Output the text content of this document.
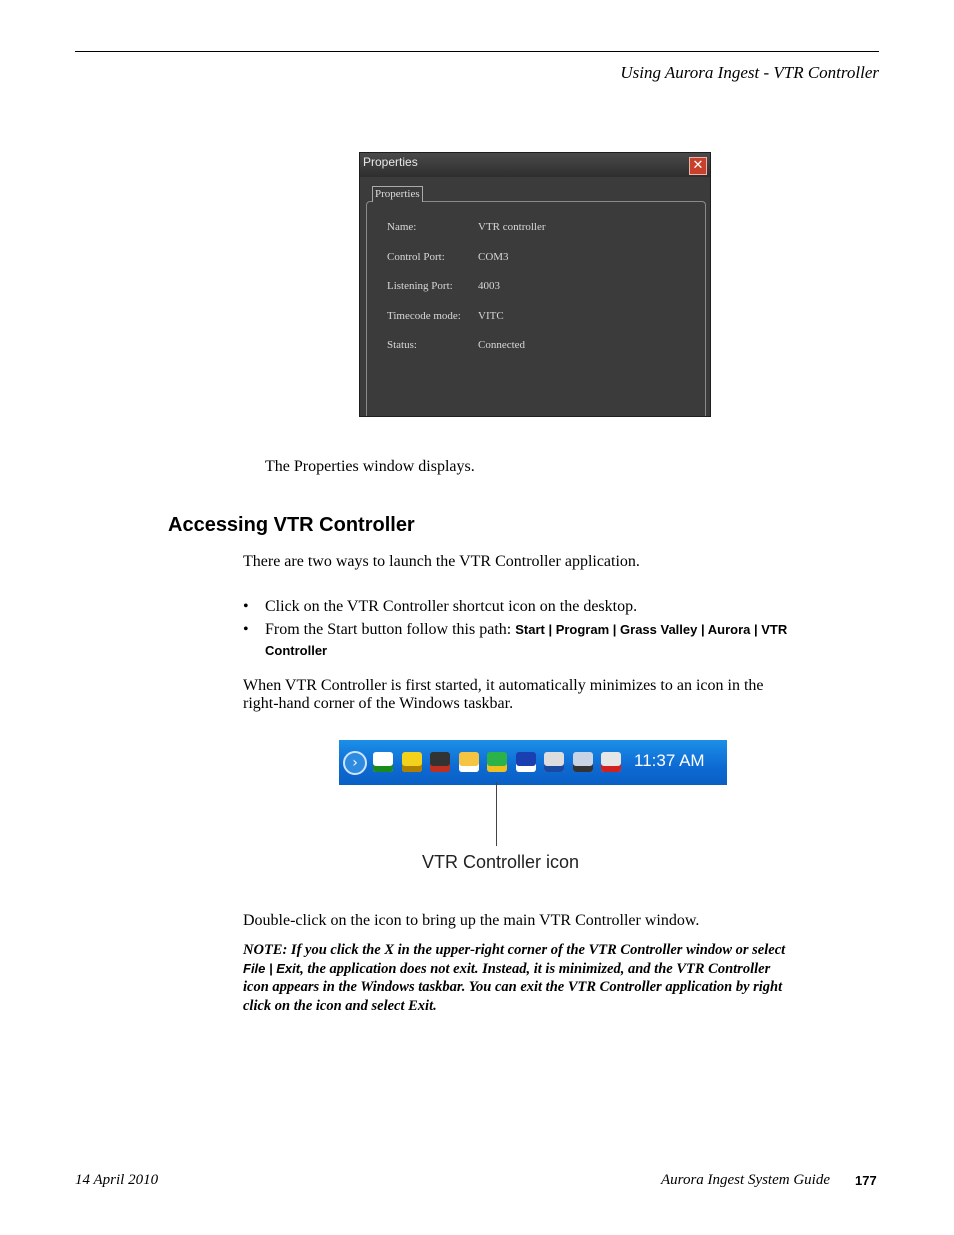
Using Aurora Ingest - VTR Controller
Properties	✕
Properties
Name:	VTR controller
Control Port:	COM3
Listening Port: 4003
Timecode mode: VITC
Status:	Connected
The Properties window displays.
Accessing VTR Controller
There are two ways to launch the VTR Controller application.
• Click on the VTR Controller shortcut icon on the desktop.
• From the Start button follow this path: Start | Program | Grass Valley | Aurora | VTR
Controller
When VTR Controller is first started, it automatically minimizes to an icon in the
right-hand corner of the Windows taskbar.
›	11:37 AM
VTR Controller icon
Double-click on the icon to bring up the main VTR Controller window.
NOTE: If you click the X in the upper-right corner of the VTR Controller window or select
File | Exit, the application does not exit. Instead, it is minimized, and the VTR Controller
icon appears in the Windows taskbar. You can exit the VTR Controller application by right
click on the icon and select Exit.
14 April 2010	Aurora Ingest System Guide 177
